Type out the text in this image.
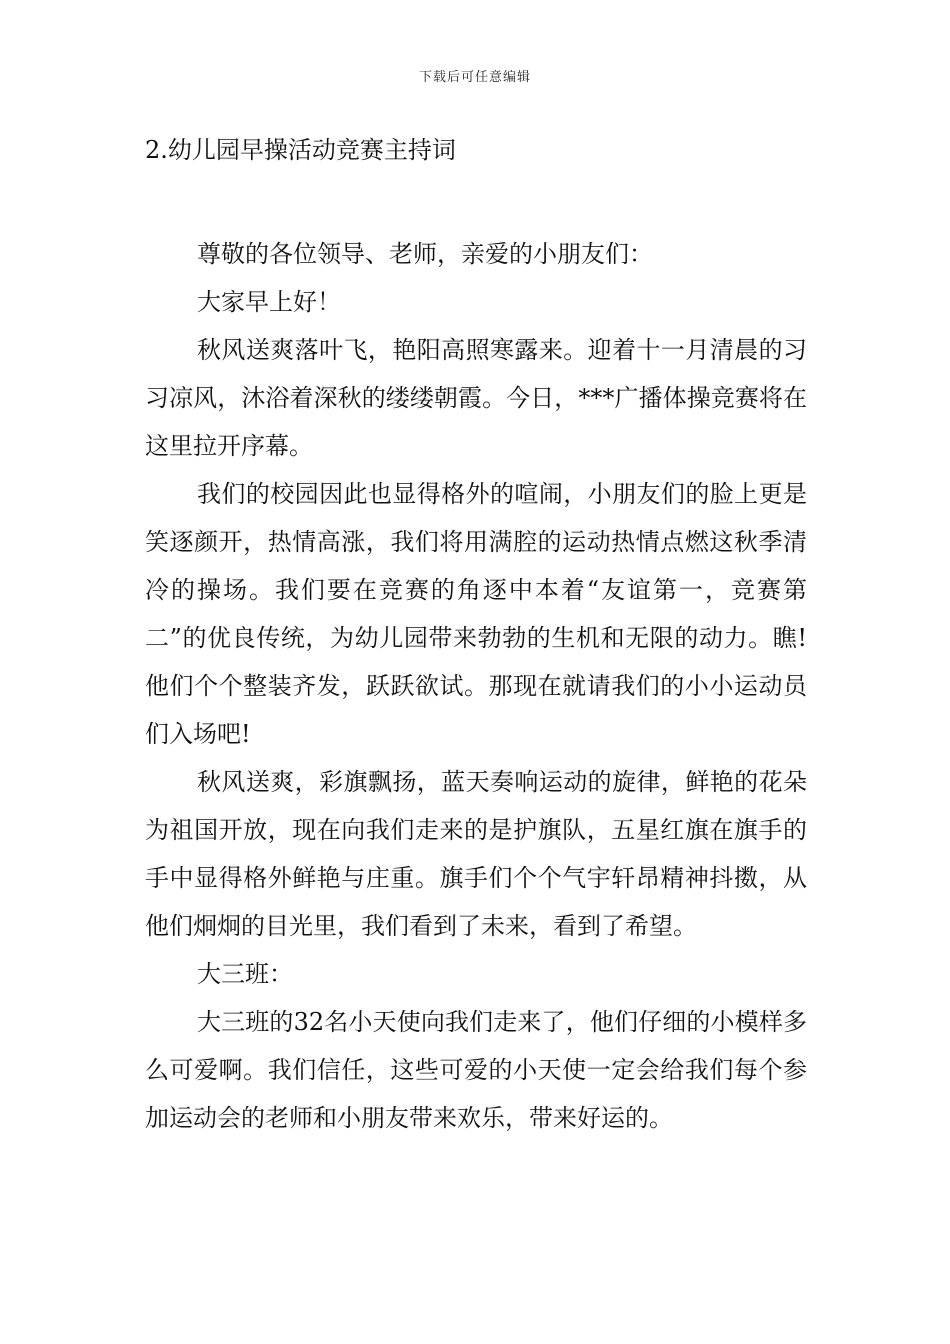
下载后可任意编辑
2.幼儿园早操活动竞赛主持词

尊敬的各位领导、老师，亲爱的小朋友们：

大家早上好！

秋风送爽落叶飞，艳阳高照寒露来。迎着十一月清晨的习习凉风，沐浴着深秋的缕缕朝霞。今日，***广播体操竞赛将在这里拉开序幕。

我们的校园因此也显得格外的喧闹，小朋友们的脸上更是笑逐颜开，热情高涨，我们将用满腔的运动热情点燃这秋季清冷的操场。我们要在竞赛的角逐中本着“友谊第一，竞赛第二”的优良传统，为幼儿园带来勃勃的生机和无限的动力。瞧!他们个个整装齐发，跃跃欲试。那现在就请我们的小小运动员们入场吧!

秋风送爽，彩旗飘扬，蓝天奏响运动的旋律，鲜艳的花朵为祖国开放，现在向我们走来的是护旗队，五星红旗在旗手的手中显得格外鲜艳与庄重。旗手们个个气宇轩昂精神抖擞，从他们炯炯的目光里，我们看到了未来，看到了希望。

大三班：

大三班的32名小天使向我们走来了，他们仔细的小模样多么可爱啊。我们信任，这些可爱的小天使一定会给我们每个参加运动会的老师和小朋友带来欢乐，带来好运的。
